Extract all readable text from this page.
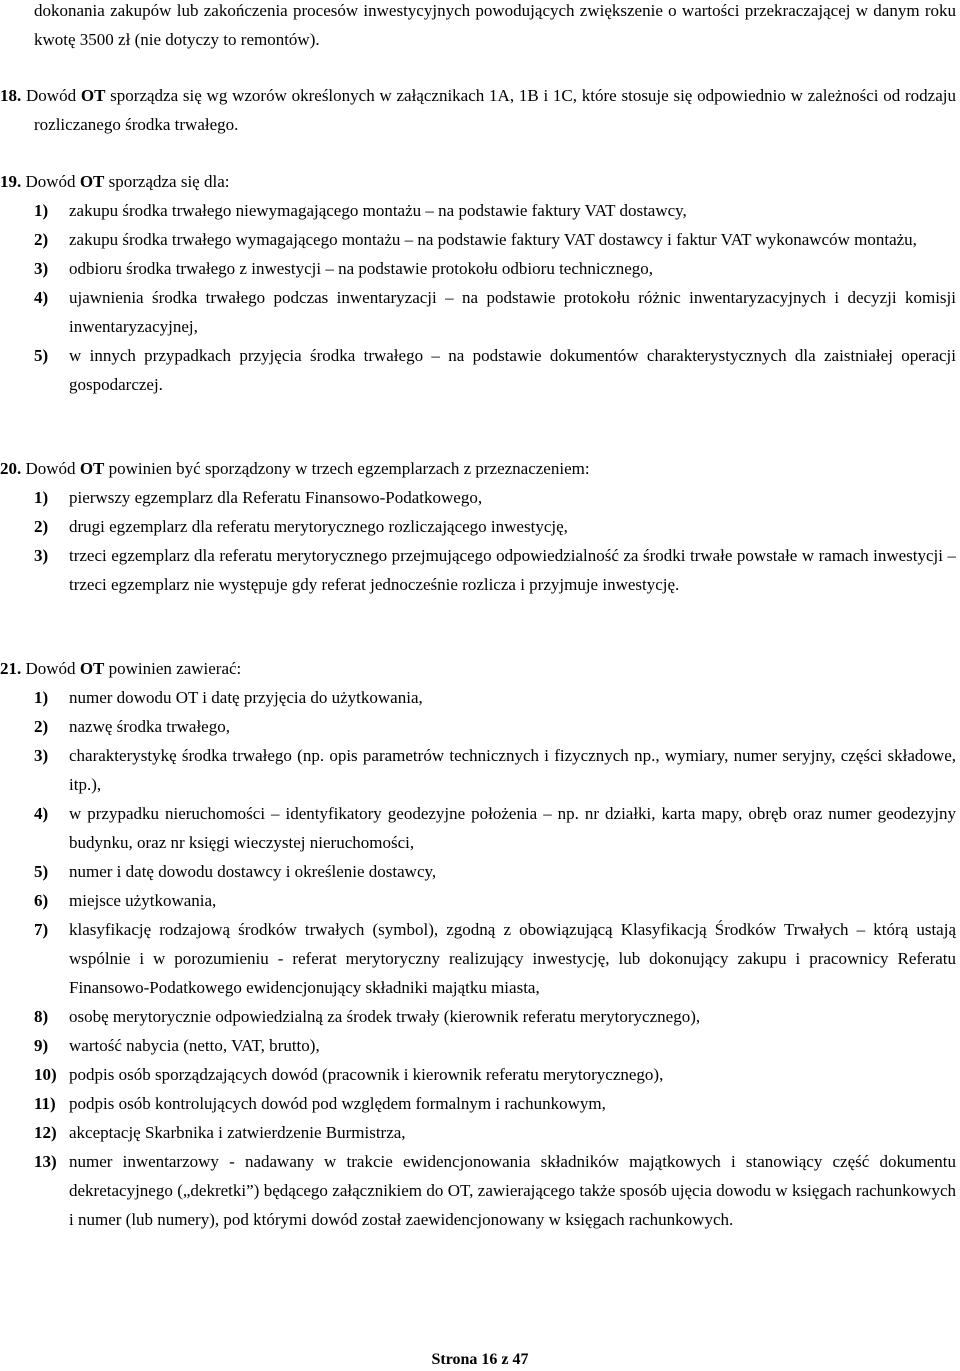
dokonania zakupów lub zakończenia procesów inwestycyjnych powodujących zwiększenie o wartości przekraczającej w danym roku kwotę 3500 zł (nie dotyczy to remontów).
18. Dowód OT sporządza się wg wzorów określonych w załącznikach 1A, 1B i 1C, które stosuje się odpowiednio w zależności od rodzaju rozliczanego środka trwałego.
19. Dowód OT sporządza się dla:
1) zakupu środka trwałego niewymagającego montażu – na podstawie faktury VAT dostawcy,
2) zakupu środka trwałego wymagającego montażu – na podstawie faktury VAT dostawcy i faktur VAT wykonawców montażu,
3) odbioru środka trwałego z inwestycji – na podstawie protokołu odbioru technicznego,
4) ujawnienia środka trwałego podczas inwentaryzacji – na podstawie protokołu różnic inwentaryzacyjnych i decyzji komisji inwentaryzacyjnej,
5) w innych przypadkach przyjęcia środka trwałego – na podstawie dokumentów charakterystycznych dla zaistniałej operacji gospodarczej.
20. Dowód OT powinien być sporządzony w trzech egzemplarzach z przeznaczeniem:
1) pierwszy egzemplarz dla Referatu Finansowo-Podatkowego,
2) drugi egzemplarz dla referatu merytorycznego rozliczającego inwestycję,
3) trzeci egzemplarz dla referatu merytorycznego przejmującego odpowiedzialność za środki trwałe powstałe w ramach inwestycji – trzeci egzemplarz nie występuje gdy referat jednocześnie rozlicza i przyjmuje inwestycję.
21. Dowód OT powinien zawierać:
1) numer dowodu OT i datę przyjęcia do użytkowania,
2) nazwę środka trwałego,
3) charakterystykę środka trwałego (np. opis parametrów technicznych i fizycznych np., wymiary, numer seryjny, części składowe, itp.),
4) w przypadku nieruchomości – identyfikatory geodezyjne położenia – np. nr działki, karta mapy, obręb oraz numer geodezyjny budynku, oraz nr księgi wieczystej nieruchomości,
5) numer i datę dowodu dostawcy i określenie dostawcy,
6) miejsce użytkowania,
7) klasyfikację rodzajową środków trwałych (symbol), zgodną z obowiązującą Klasyfikacją Środków Trwałych – którą ustają wspólnie i w porozumieniu - referat merytoryczny realizujący inwestycję, lub dokonujący zakupu i pracownicy Referatu Finansowo-Podatkowego ewidencjonujący składniki majątku miasta,
8) osobę merytorycznie odpowiedzialną za środek trwały (kierownik referatu merytorycznego),
9) wartość nabycia (netto, VAT, brutto),
10) podpis osób sporządzających dowód (pracownik i kierownik referatu merytorycznego),
11) podpis osób kontrolujących dowód pod względem formalnym i rachunkowym,
12) akceptację Skarbnika i zatwierdzenie Burmistrza,
13) numer inwentarzowy - nadawany w trakcie ewidencjonowania składników majątkowych i stanowiący część dokumentu dekretacyjnego („dekretki”) będącego załącznikiem do OT, zawierającego także sposób ujęcia dowodu w księgach rachunkowych i numer (lub numery), pod którymi dowód został zaewidencjonowany w księgach rachunkowych.
Strona 16 z 47
